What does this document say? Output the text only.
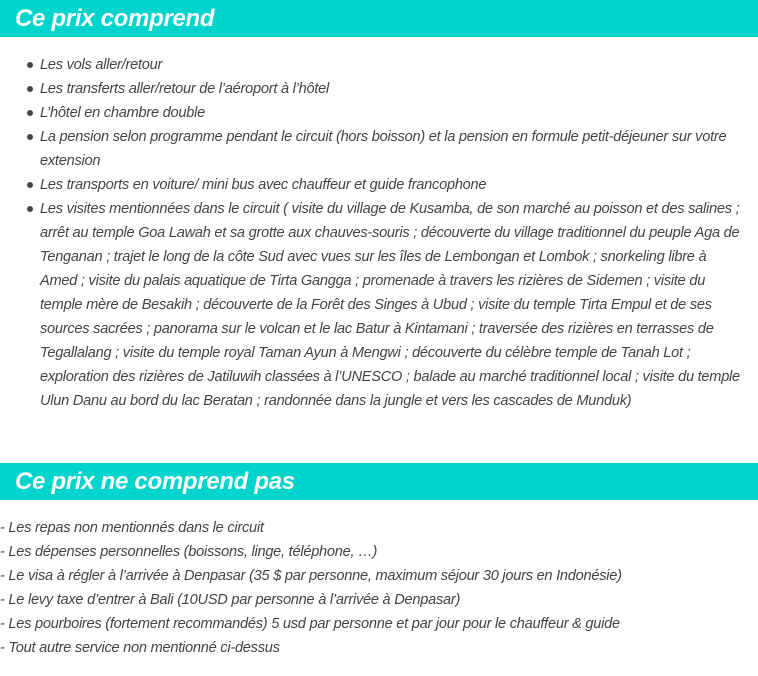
Ce prix comprend
Les vols aller/retour
Les transferts aller/retour de l’aéroport à l’hôtel
L’hôtel en chambre double
La pension selon programme pendant le circuit (hors boisson) et la pension en formule petit-déjeuner sur votre extension
Les transports en voiture/ mini bus avec chauffeur et guide francophone
Les visites mentionnées dans le circuit ( visite du village de Kusamba, de son marché au poisson et des salines ; arrêt au temple Goa Lawah et sa grotte aux chauves-souris ; découverte du village traditionnel du peuple Aga de Tenganan ; trajet le long de la côte Sud avec vues sur les îles de Lembongan et Lombok ; snorkeling libre à Amed ; visite du palais aquatique de Tirta Gangga ; promenade à travers les rizières de Sidemen ; visite du temple mère de Besakih ; découverte de la Forêt des Singes à Ubud ; visite du temple Tirta Empul et de ses sources sacrées ; panorama sur le volcan et le lac Batur à Kintamani ; traversée des rizières en terrasses de Tegallalang ; visite du temple royal Taman Ayun à Mengwi ; découverte du célèbre temple de Tanah Lot ; exploration des rizières de Jatiluwih classées à l’UNESCO ; balade au marché traditionnel local ; visite du temple Ulun Danu au bord du lac Beratan ; randonnée dans la jungle et vers les cascades de Munduk)
Ce prix ne comprend pas
- Les repas non mentionnés dans le circuit
- Les dépenses personnelles (boissons, linge, téléphone, …)
- Le visa à régler à l’arrivée à Denpasar (35 $ par personne, maximum séjour 30 jours en Indonésie)
- Le levy taxe d’entrer à Bali (10USD par personne à l’arrivée à Denpasar)
- Les pourboires (fortement recommandés) 5 usd par personne et par jour pour le chauffeur & guide
- Tout autre service non mentionné ci-dessus
